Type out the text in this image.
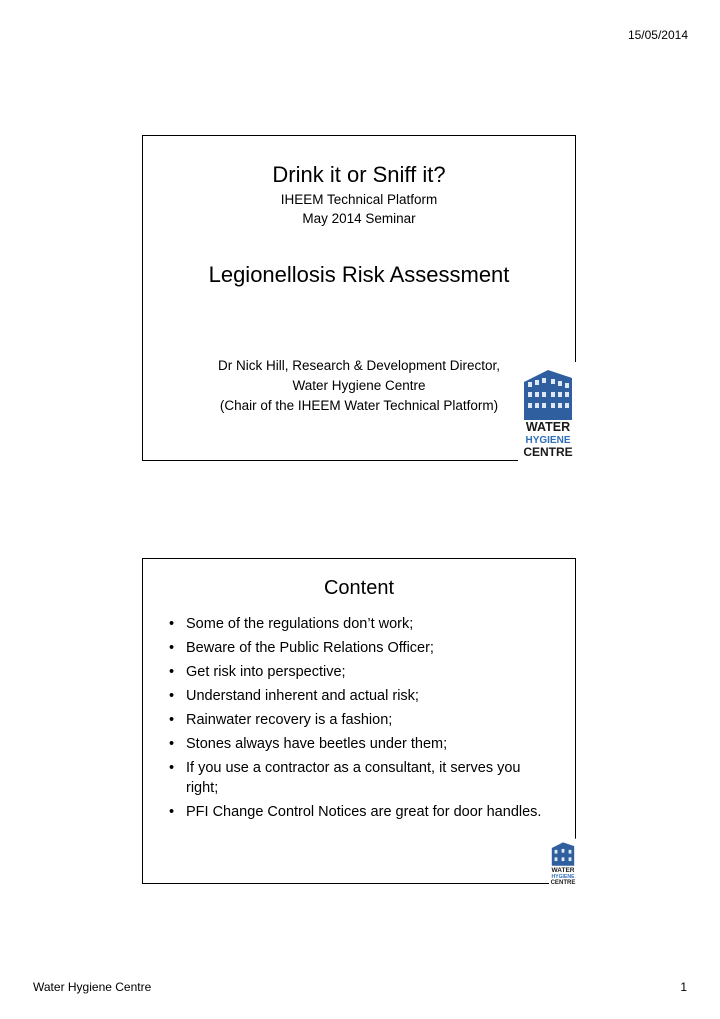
15/05/2014
Drink it or Sniff it?
IHEEM Technical Platform
May 2014 Seminar
Legionellosis Risk Assessment
Dr Nick Hill, Research & Development Director,
Water Hygiene Centre
(Chair of the IHEEM Water Technical Platform)
WATER
HYGIENE
CENTRE
Content
• Some of the regulations don’t work;
• Beware of the Public Relations Officer;
• Get risk into perspective;
• Understand inherent and actual risk;
• Rainwater recovery is a fashion;
• Stones always have beetles under them;
• If you use a contractor as a consultant, it serves you right;
• PFI Change Control Notices are great for door handles.
WATER
HYGIENE
CENTRE
Water Hygiene Centre	1
